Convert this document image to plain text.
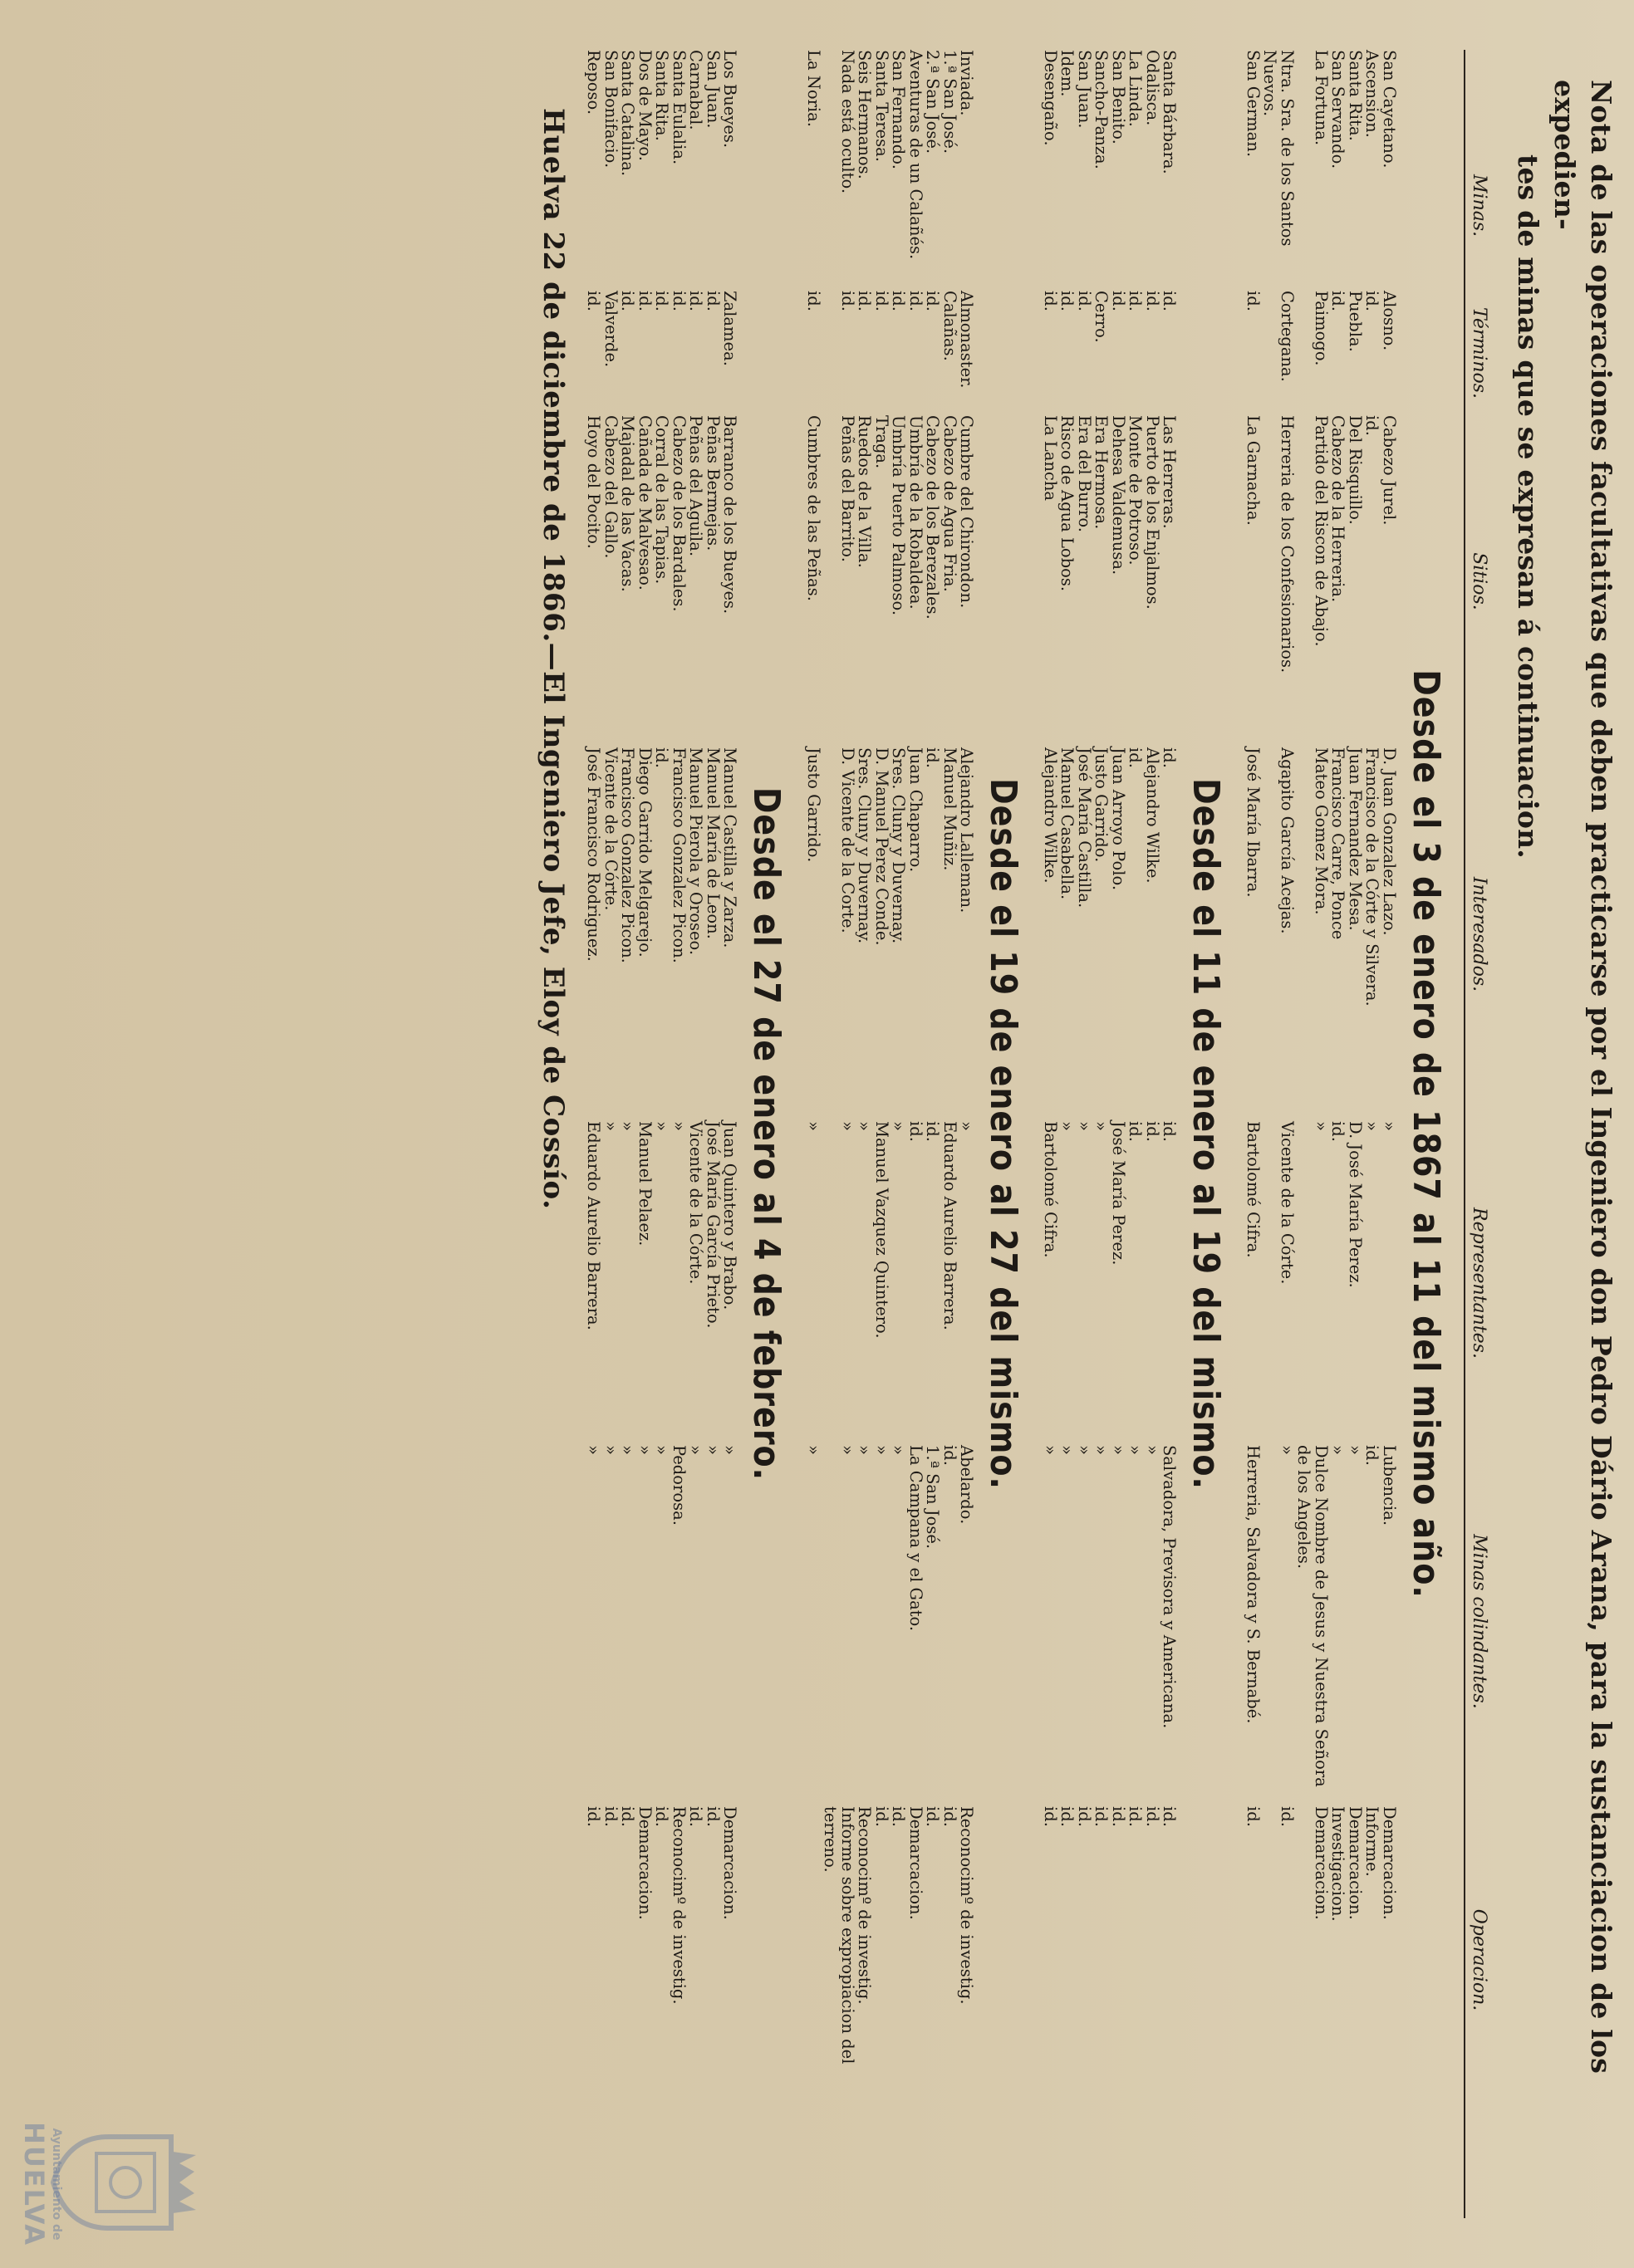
Nota de las operaciones facultativas que deben practicarse por el Ingeniero don Pedro Dário Arana, para la sustanciacion de los expedien-
tes de minas que se expresan á continuacion.
Minas.
Términos.
Sitios.
Interesados.
Representantes.
Minas colindantes.
Operacion.
Desde el 3 de enero de 1867 al 11 del mismo año.
San Cayetano.
Alosno.
Cabezo Jurel.
D. Juan Gonzalez Lazo.
»
Lubencia.
Demarcacion.
Ascension.
id.
id.
Francisco de la Córte y Silvera.
»
id.
Informe.
Santa Rita.
Puebla.
Del Risquillo.
Juan Fernandez Mesa.
D. José María Perez.
»
Demarcacion.
San Servando.
id.
Cabezo de la Herreria.
Francisco Carre, Ponce
id.
»
Investigacion.
La Fortuna.
Paimogo.
Partido del Riscon de Abajo.
Mateo Gomez Mora.
»
Dulce Nombre de Jesus y Nuestra Señora de los Angeles.
Demarcacion.
Ntra. Sra. de los Santos Nuevos.
Cortegana.
Herreria de los Confesionarios.
Agapito García Acejas.
Vicente de la Córte.
»
id.
San German.
id.
La Garnacha.
José María Ibarra.
Bartolomé Cifra.
Herreria, Salvadora y S. Bernabé.
id.
Desde el 11 de enero al 19 del mismo.
Santa Bárbara.
id.
Las Herreras.
id.
id.
Salvadora, Previsora y Americana.
id.
Odalisca.
id.
Puerto de los Enjalmos.
Alejandro Wilke.
id.
»
id.
La Linda.
id.
Monte de Potroso.
id.
id.
»
id.
San Benito.
id.
Dehesa Valdemusa.
Juan Arroyo Polo.
José María Perez.
»
id.
Sancho-Panza.
Cerro.
Era Hermosa.
Justo Garrido.
»
»
id.
San Juan.
id.
Era del Burro.
José María Castilla.
»
»
id.
Idem.
id.
Risco de Agua Lobos.
Manuel Casabella.
»
»
id.
Desengaño.
id.
La Lancha
Alejandro Wilke.
Bartolomé Cifra.
»
id.
Desde el 19 de enero al 27 del mismo.
Inviada.
Almonaster.
Cumbre del Chirondon.
Alejandro Lalleman.
»
Abelardo.
Reconocimº de investig.
1.ª San José.
Calañas.
Cabezo de Agua Fria.
Manuel Muñiz.
Eduardo Aurelio Barrera.
id.
id.
2.ª San José.
id.
Cabezo de los Berezales.
id.
id.
1.ª San José.
id.
Aventuras de un Calañés.
id.
Umbría de la Robaldea.
Juan Chaparro.
id.
La Campana y el Gato.
Demarcacion.
San Fernando.
id.
Umbría Puerto Palmoso.
Sres. Cluny y Duvernay.
»
»
id.
Santa Teresa.
id.
Traga.
D. Manuel Perez Conde.
Manuel Vazquez Quintero.
»
id.
Seis Hermanos.
id.
Ruedos de la Villa.
Sres. Cluny y Duvernay.
»
»
Reconocimº de investig.
Nada está oculto.
id.
Peñas del Barrito.
D. Vicente de la Corte.
»
»
Informe sobre expropiacion del terreno.
La Noria.
id.
Cumbres de las Peñas.
Justo Garrido.
»
»
Desde el 27 de enero al 4 de febrero.
Los Bueyes.
Zalamea.
Barranco de los Bueyes.
Manuel Castilla y Zarza.
Juan Quintero y Brabo.
»
Demarcacion.
San Juan.
id.
Peñas Bermejas.
Manuel María de Leon.
José María García Prieto.
»
id.
Carnabal.
id.
Peñas del Aguila.
Manuel Pierola y Oroseo.
Vicente de la Córte.
»
id.
Santa Eulalia.
id.
Cabezo de los Bardales.
Francisco Gonzalez Picon.
»
Pedorosa.
Reconocimº de investig.
Santa Rita.
id.
Corral de las Tapias.
id.
»
»
id.
Dos de Mayo.
id.
Cañada de Malvesao.
Diego Garrido Melgarejo.
Manuel Pelaez.
»
Demarcacion.
Santa Catalina.
id.
Majadal de las Vacas.
Francisco Gonzalez Picon.
»
»
id.
San Bonifacio.
Valverde.
Cabezo del Gallo.
Vicente de la Córte.
»
»
id.
Reposo.
id.
Hoyo del Pocito.
José Francisco Rodriguez.
Eduardo Aurelio Barrera.
»
id.
Huelva 22 de diciembre de 1866.—El Ingeniero Jefe, Eloy de Cossío.
Ayuntamiento de
HUELVA
